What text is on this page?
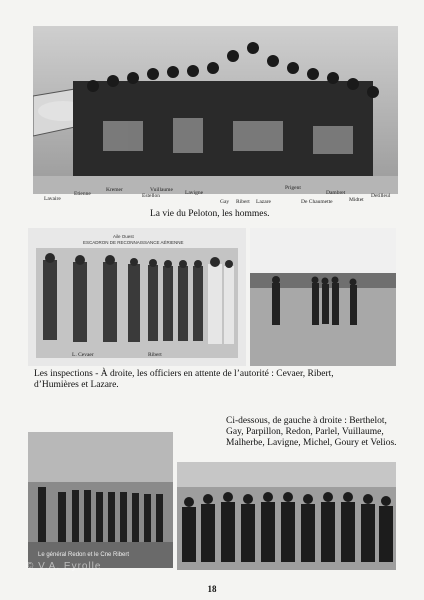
Lavaire
Etienne
Kremer	Vuillaume
Estellon	Lavigne
Gay Ribert Lazare
Prigent
De Chaumette
Dambret
Midtet
Detilleul
La vie du Peloton, les hommes.
Aile Ouest
ESCADRON DE RECONNAISSANCE AÉRIENNE
L. Cevaer	Ribert
Les inspections - À droite, les officiers en attente de l’autorité : Cevaer, Ribert, d’Humières et Lazare.
Ci-dessous, de gauche à droite : Berthelot, Gay, Parpillon, Redon, Parlel, Vuillaume, Malherbe, Lavigne, Michel, Goury et Velios.
Le général Redon et le Cne Ribert
© V.A. Eyrolle
18
